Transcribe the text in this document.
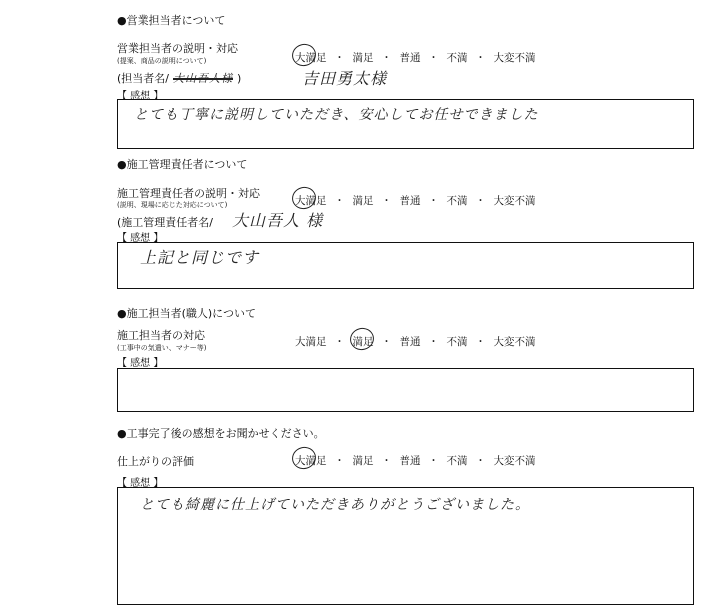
●営業担当者について
営業担当者の説明・対応
(提案、商品の説明について)	大満足 ・ 満足 ・ 普通 ・ 不満 ・ 大変不満
(担当者名/ 大山吾人様 )	吉田勇太様
【 感想 】
とても丁寧に説明していただき、安心してお任せできました
●施工管理責任者について
施工管理責任者の説明・対応
(説明、現場に応じた対応について)	大満足 ・ 満足 ・ 普通 ・ 不満 ・ 大変不満
(施工管理責任者名/ 大山吾人 様
【 感想 】
上記と同じです
●施工担当者(職人)について
施工担当者の対応
(工事中の気遣い、マナー等)	大満足 ・ 満足 ・ 普通 ・ 不満 ・ 大変不満
【 感想 】
●工事完了後の感想をお聞かせください。
仕上がりの評価	大満足 ・ 満足 ・ 普通 ・ 不満 ・ 大変不満
【 感想 】
とても綺麗に仕上げていただきありがとうございました。
